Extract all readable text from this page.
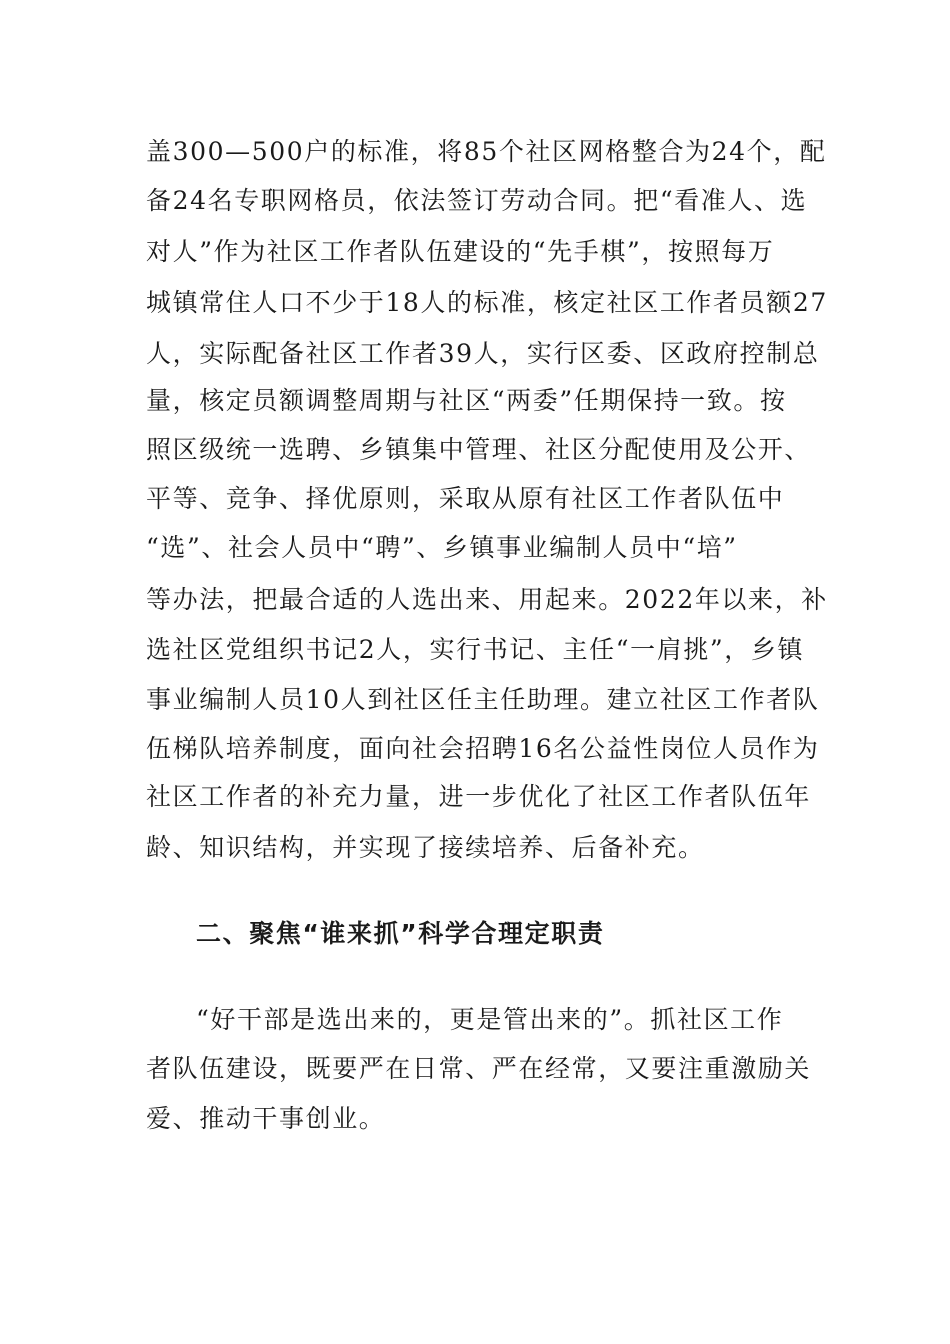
盖300—500户的标准，将85个社区网格整合为24个，配
备24名专职网格员，依法签订劳动合同。把“看准人、选
对人”作为社区工作者队伍建设的“先手棋”，按照每万
城镇常住人口不少于18人的标准，核定社区工作者员额27
人，实际配备社区工作者39人，实行区委、区政府控制总
量，核定员额调整周期与社区“两委”任期保持一致。按
照区级统一选聘、乡镇集中管理、社区分配使用及公开、
平等、竞争、择优原则，采取从原有社区工作者队伍中
“选”、社会人员中“聘”、乡镇事业编制人员中“培”
等办法，把最合适的人选出来、用起来。2022年以来，补
选社区党组织书记2人，实行书记、主任“一肩挑”，乡镇
事业编制人员10人到社区任主任助理。建立社区工作者队
伍梯队培养制度，面向社会招聘16名公益性岗位人员作为
社区工作者的补充力量，进一步优化了社区工作者队伍年
龄、知识结构，并实现了接续培养、后备补充。
二、聚焦“谁来抓”科学合理定职责
“好干部是选出来的，更是管出来的”。抓社区工作
者队伍建设，既要严在日常、严在经常，又要注重激励关
爱、推动干事创业。
